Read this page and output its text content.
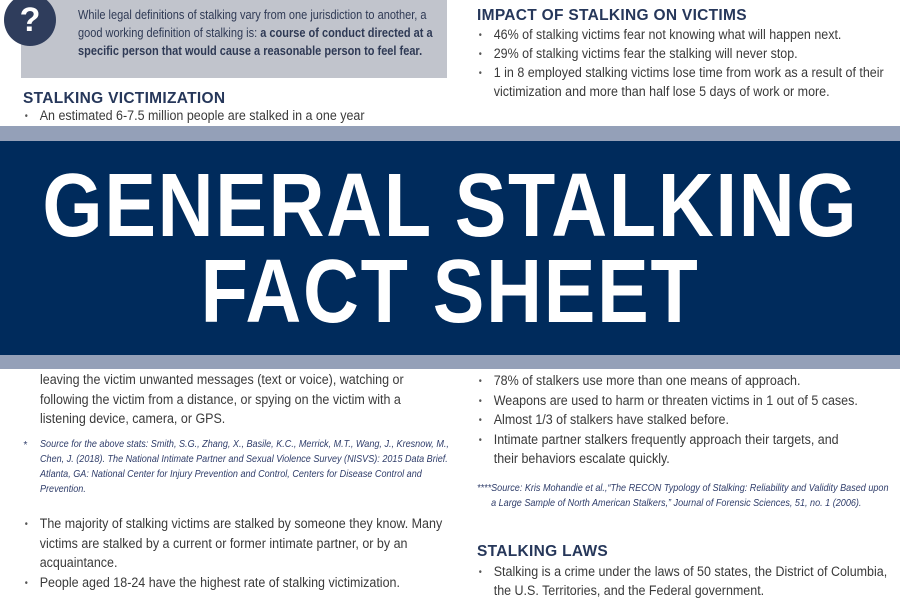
?	While legal definitions of stalking vary from one jurisdiction to another, a good working definition of stalking is: a course of conduct directed at a specific person that would cause a reasonable person to feel fear.
STALKING VICTIMIZATION
• An estimated 6-7.5 million people are stalked in a one year
IMPACT OF STALKING ON VICTIMS
• 46% of stalking victims fear not knowing what will happen next.
• 29% of stalking victims fear the stalking will never stop.
• 1 in 8 employed stalking victims lose time from work as a result of their victimization and more than half lose 5 days of work or more.
leaving the victim unwanted messages (text or voice), watching or following the victim from a distance, or spying on the victim with a listening device, camera, or GPS.
*	Source for the above stats: Smith, S.G., Zhang, X., Basile, K.C., Merrick, M.T., Wang, J., Kresnow, M., Chen, J. (2018). The National Intimate Partner and Sexual Violence Survey (NISVS): 2015 Data Brief. Atlanta, GA: National Center for Injury Prevention and Control, Centers for Disease Control and Prevention.
• The majority of stalking victims are stalked by someone they know. Many victims are stalked by a current or former intimate partner, or by an acquaintance.
• People aged 18-24 have the highest rate of stalking victimization.
• 78% of stalkers use more than one means of approach.
• Weapons are used to harm or threaten victims in 1 out of 5 cases.
• Almost 1/3 of stalkers have stalked before.
• Intimate partner stalkers frequently approach their targets, and their behaviors escalate quickly.
****Source: Kris Mohandie et al.,“The RECON Typology of Stalking: Reliability and Validity Based upon a Large Sample of North American Stalkers,” Journal of Forensic Sciences, 51, no. 1 (2006).
STALKING LAWS
• Stalking is a crime under the laws of 50 states, the District of Columbia, the U.S. Territories, and the Federal government.
GENERAL STALKING
FACT SHEET
